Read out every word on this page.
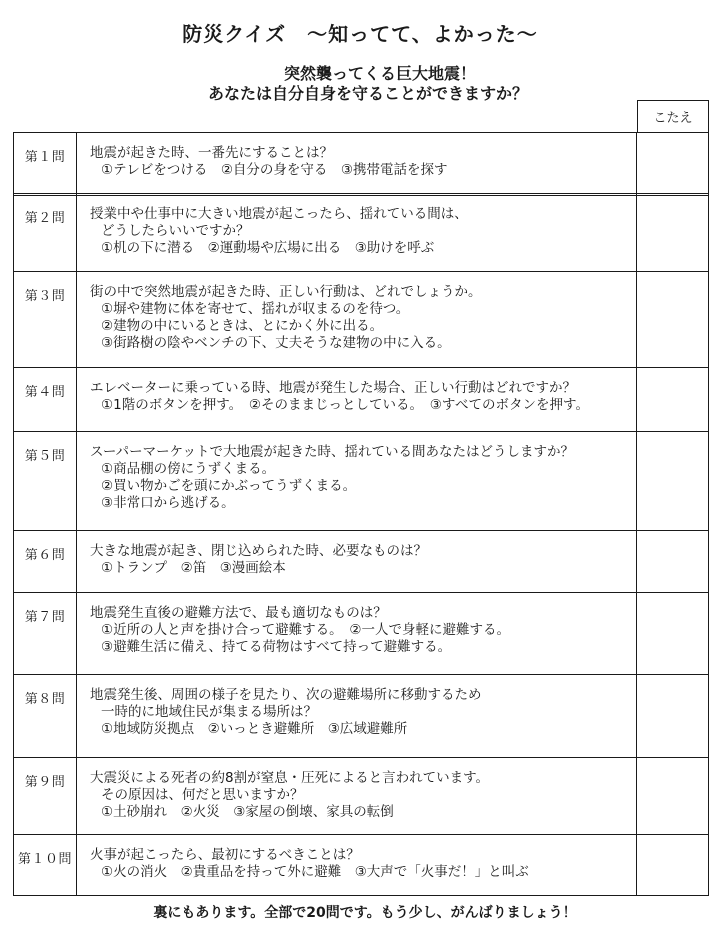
防災クイズ　～知ってて、よかった～
突然襲ってくる巨大地震！
あなたは自分自身を守ることができますか？
こたえ
第１問	地震が起きた時、一番先にすることは？
①テレビをつける　②自分の身を守る　③携帯電話を探す
第２問	授業中や仕事中に大きい地震が起こったら、揺れている間は、
どうしたらいいですか？
①机の下に潜る　②運動場や広場に出る　③助けを呼ぶ
第３問	街の中で突然地震が起きた時、正しい行動は、どれでしょうか。
①塀や建物に体を寄せて、揺れが収まるのを待つ。
②建物の中にいるときは、とにかく外に出る。
③街路樹の陰やベンチの下、丈夫そうな建物の中に入る。
第４問	エレベーターに乗っている時、地震が発生した場合、正しい行動はどれですか？
①1階のボタンを押す。　②そのままじっとしている。　③すべてのボタンを押す。
第５問	スーパーマーケットで大地震が起きた時、揺れている間あなたはどうしますか？
①商品棚の傍にうずくまる。
②買い物かごを頭にかぶってうずくまる。
③非常口から逃げる。
第６問	大きな地震が起き、閉じ込められた時、必要なものは？
①トランプ　②笛　③漫画絵本
第７問	地震発生直後の避難方法で、最も適切なものは？
①近所の人と声を掛け合って避難する。　②一人で身軽に避難する。
③避難生活に備え、持てる荷物はすべて持って避難する。
第８問	地震発生後、周囲の様子を見たり、次の避難場所に移動するため
一時的に地域住民が集まる場所は？
①地域防災拠点　②いっとき避難所　③広域避難所
第９問	大震災による死者の約8割が窒息・圧死によると言われています。
その原因は、何だと思いますか？
①土砂崩れ　②火災　③家屋の倒壊、家具の転倒
第１０問	火事が起こったら、最初にするべきことは？
①火の消火　②貴重品を持って外に避難　③大声で「火事だ！」と叫ぶ
裏にもあります。全部で20問です。もう少し、がんばりましょう！
